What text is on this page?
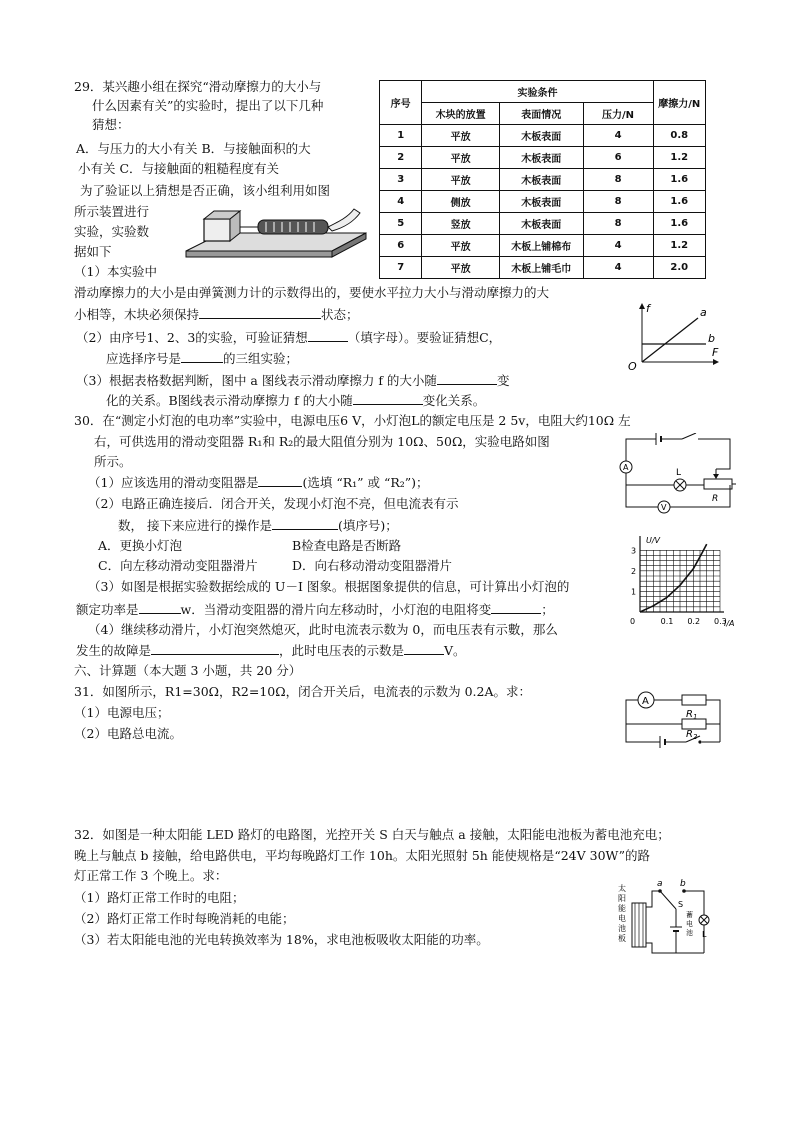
29．某兴趣小组在探究“滑动摩擦力的大小与
什么因素有关”的实验时，提出了以下几种
猜想：
A．与压力的大小有关 B．与接触面积的大
小有关 C．与接触面的粗糙程度有关
为了验证以上猜想是否正确，该小组利用如图
所示装置进行
实验，实验数
据如下
序号	实验条件			摩擦力/N
	木块的放置	表面情况	压力/N	
1	平放	木板表面	4	0.8
2	平放	木板表面	6	1.2
3	平放	木板表面	8	1.6
4	侧放	木板表面	8	1.6
5	竖放	木板表面	8	1.6
6	平放	木板上铺棉布	4	1.2
7	平放	木板上铺毛巾	4	2.0
f
F
O
a
b
（1）本实验中
滑动摩擦力的大小是由弹簧测力计的示数得出的，要使水平拉力大小与滑动摩擦力的大
小相等，木块必须保持	状态；
（2）由序号1、2、3的实验，可验证猜想	（填字母）。要验证猜想C，
应选择序号是	的三组实验；
（3）根据表格数据判断，图中 a 图线表示滑动摩擦力 f 的大小随	变
化的关系。B图线表示滑动摩擦力 f 的大小随	变化关系。
30．在“测定小灯泡的电功率”实验中，电源电压6 V，小灯泡L的额定电压是 2 5v，电阻大约10Ω 左
右，可供选用的滑动变阻器 R₁和 R₂的最大阻值分别为 10Ω、50Ω，实验电路如图
所示。	A
V
L
R
（1）应该选用的滑动变阻器是	(选填 “R₁” 或 “R₂”)；
（2）电路正确连接后．闭合开关，发现小灯泡不亮，但电流表有示
数， 接下来应进行的操作是	(填序号)；
A．更换小灯泡	B检查电路是否断路
C．向左移动滑动变阻器滑片	D．向右移动滑动变阻器滑片
（3）如图是根据实验数据绘成的 U－I 图象。根据图象提供的信息，可计算出小灯泡的
额定功率是	w．当滑动变阻器的滑片向左移动时，小灯泡的电阻将变	；
（4）继续移动滑片，小灯泡突然熄灭，此时电流表示数为 0，而电压表有示數，那么
发生的故障是	，此时电压表的示数是	V。
0	0.1 0.2 0.3
1
2
3
U/V
I/A
六、计算题（本大题 3 小题，共 20 分）
31．如图所示，R1=30Ω，R2=10Ω，闭合开关后，电流表的示数为 0.2A。求：
（1）电源电压；
（2）电路总电流。
A
$R_1$
$R_2$
32．如图是一种太阳能 LED 路灯的电路图，光控开关 S 白天与触点 a 接触，太阳能电池板为蓄电池充电；
晚上与触点 b 接触，给电路供电，平均每晚路灯工作 10h。太阳光照射 5h 能使规格是“24V 30W”的路
灯正常工作 3 个晚上。求：
（1）路灯正常工作时的电阻；
（2）路灯正常工作时每晚消耗的电能；
（3）若太阳能电池的光电转换效率为 18%，求电池板吸收太阳能的功率。
太阳能电池板
a b
S
蓄电池 L
